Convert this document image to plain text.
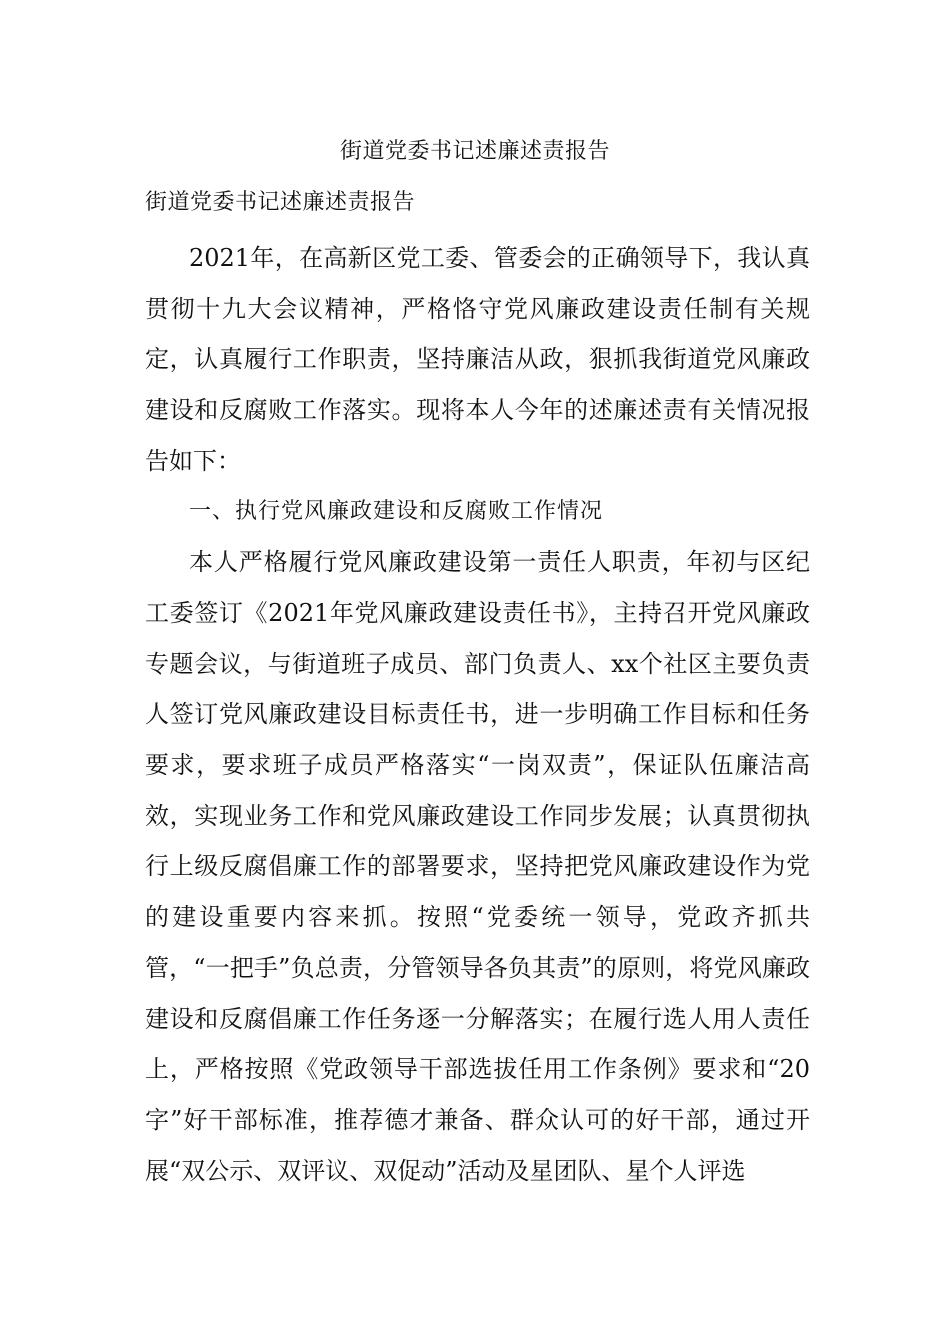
街道党委书记述廉述责报告

街道党委书记述廉述责报告

2021年，在高新区党工委、管委会的正确领导下，我认真贯彻十九大会议精神，严格恪守党风廉政建设责任制有关规定，认真履行工作职责，坚持廉洁从政，狠抓我街道党风廉政建设和反腐败工作落实。现将本人今年的述廉述责有关情况报告如下：

一、执行党风廉政建设和反腐败工作情况

本人严格履行党风廉政建设第一责任人职责，年初与区纪工委签订《2021年党风廉政建设责任书》，主持召开党风廉政专题会议，与街道班子成员、部门负责人、xx个社区主要负责人签订党风廉政建设目标责任书，进一步明确工作目标和任务要求，要求班子成员严格落实“一岗双责”，保证队伍廉洁高效，实现业务工作和党风廉政建设工作同步发展；认真贯彻执行上级反腐倡廉工作的部署要求，坚持把党风廉政建设作为党的建设重要内容来抓。按照“党委统一领导，党政齐抓共管，“一把手”负总责，分管领导各负其责”的原则，将党风廉政建设和反腐倡廉工作任务逐一分解落实；在履行选人用人责任上，严格按照《党政领导干部选拔任用工作条例》要求和“20字”好干部标准，推荐德才兼备、群众认可的好干部，通过开展“双公示、双评议、双促动”活动及星团队、星个人评选
